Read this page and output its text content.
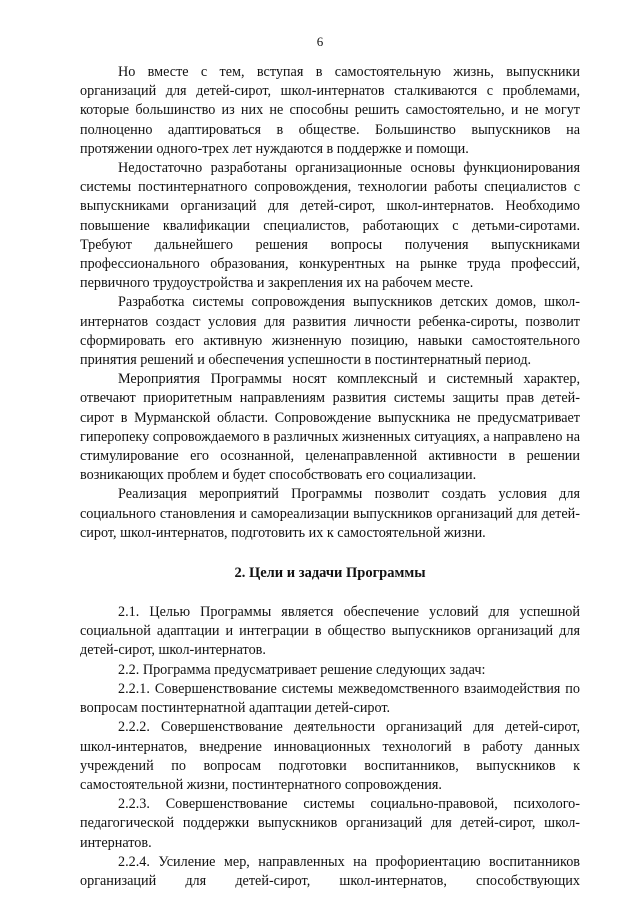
6

Но вместе с тем, вступая в самостоятельную жизнь, выпускники организаций для детей-сирот, школ-интернатов сталкиваются с проблемами, которые большинство из них не способны решить самостоятельно, и не могут полноценно адаптироваться в обществе. Большинство выпускников на протяжении одного-трех лет нуждаются в поддержке и помощи.

Недостаточно разработаны организационные основы функционирования системы постинтернатного сопровождения, технологии работы специалистов с выпускниками организаций для детей-сирот, школ-интернатов. Необходимо повышение квалификации специалистов, работающих с детьми-сиротами. Требуют дальнейшего решения вопросы получения выпускниками профессионального образования, конкурентных на рынке труда профессий, первичного трудоустройства и закрепления их на рабочем месте.

Разработка системы сопровождения выпускников детских домов, школ-интернатов создаст условия для развития личности ребенка-сироты, позволит сформировать его активную жизненную позицию, навыки самостоятельного принятия решений и обеспечения успешности в постинтернатный период.

Мероприятия Программы носят комплексный и системный характер, отвечают приоритетным направлениям развития системы защиты прав детей-сирот в Мурманской области. Сопровождение выпускника не предусматривает гиперопеку сопровождаемого в различных жизненных ситуациях, а направлено на стимулирование его осознанной, целенаправленной активности в решении возникающих проблем и будет способствовать его социализации.

Реализация мероприятий Программы позволит создать условия для социального становления и самореализации выпускников организаций для детей-сирот, школ-интернатов, подготовить их к самостоятельной жизни.

2. Цели и задачи Программы

2.1. Целью Программы является обеспечение условий для успешной социальной адаптации и интеграции в общество выпускников организаций для детей-сирот, школ-интернатов.

2.2. Программа предусматривает решение следующих задач:

2.2.1. Совершенствование системы межведомственного взаимодействия по вопросам постинтернатной адаптации детей-сирот.

2.2.2. Совершенствование деятельности организаций для детей-сирот, школ-интернатов, внедрение инновационных технологий в работу данных учреждений по вопросам подготовки воспитанников, выпускников к самостоятельной жизни, постинтернатного сопровождения.

2.2.3. Совершенствование системы социально-правовой, психолого-педагогической поддержки выпускников организаций для детей-сирот, школ-интернатов.

2.2.4. Усиление мер, направленных на профориентацию воспитанников организаций для детей-сирот, школ-интернатов, способствующих
